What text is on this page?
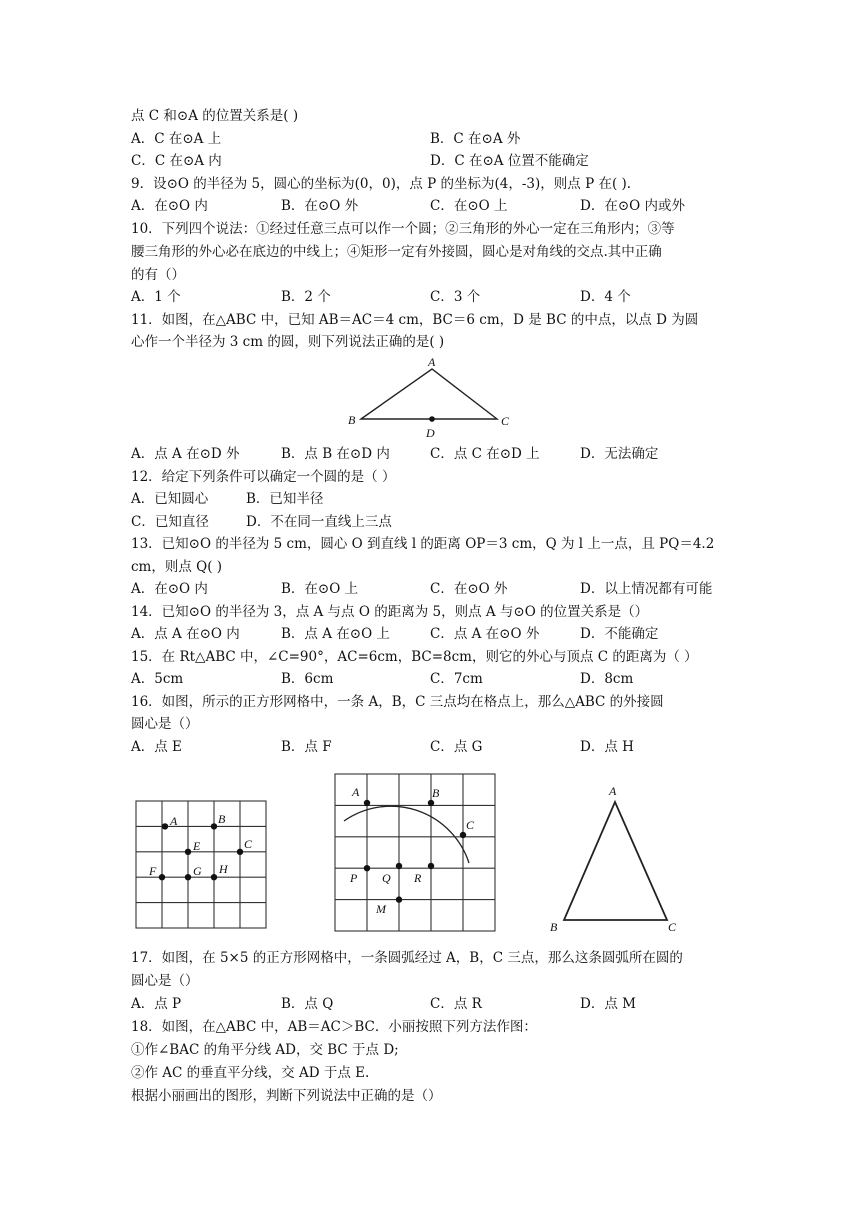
点 C 和⊙A 的位置关系是( )
A．C 在⊙A 上	B．C 在⊙A 外
C．C 在⊙A 内	D．C 在⊙A 位置不能确定
9．设⊙O 的半径为 5，圆心的坐标为(0，0)，点 P 的坐标为(4，-3)，则点 P 在( ).
A．在⊙O 内	B．在⊙O 外	C．在⊙O 上	D．在⊙O 内或外
10．下列四个说法：①经过任意三点可以作一个圆；②三角形的外心一定在三角形内；③等
腰三角形的外心必在底边的中线上；④矩形一定有外接圆，圆心是对角线的交点.其中正确
的有（）
A．1 个	B．2 个	C．3 个	D．4 个
11．如图，在△ABC 中，已知 AB＝AC＝4 cm，BC＝6 cm，D 是 BC 的中点，以点 D 为圆
心作一个半径为 3 cm 的圆，则下列说法正确的是( )
A
B	C
D
A．点 A 在⊙D 外	B．点 B 在⊙D 内	C．点 C 在⊙D 上	D．无法确定
12．给定下列条件可以确定一个圆的是（ ）
A．已知圆心	B．已知半径
C．已知直径	D．不在同一直线上三点
13．已知⊙O 的半径为 5 cm，圆心 O 到直线 l 的距离 OP＝3 cm，Q 为 l 上一点，且 PQ＝4.2
cm，则点 Q( )
A．在⊙O 内	B．在⊙O 上	C．在⊙O 外	D．以上情况都有可能
14．已知⊙O 的半径为 3，点 A 与点 O 的距离为 5，则点 A 与⊙O 的位置关系是（）
A．点 A 在⊙O 内	B．点 A 在⊙O 上	C．点 A 在⊙O 外	D．不能确定
15．在 Rt△ABC 中，∠C=90°，AC=6cm，BC=8cm，则它的外心与顶点 C 的距离为（ ）
A．5cm	B．6cm	C．7cm	D．8cm
16．如图，所示的正方形网格中，一条 A，B，C 三点均在格点上，那么△ABC 的外接圆
圆心是（）
A．点 E	B．点 F	C．点 G	D．点 H
A	B
C
E
F	G H
A	B
C
P Q R
M
A
B	C
17．如图，在 5×5 的正方形网格中，一条圆弧经过 A，B，C 三点，那么这条圆弧所在圆的
圆心是（）
A．点 P	B．点 Q	C．点 R	D．点 M
18．如图，在△ABC 中，AB＝AC＞BC．小丽按照下列方法作图：
①作∠BAC 的角平分线 AD，交 BC 于点 D;
②作 AC 的垂直平分线，交 AD 于点 E.
根据小丽画出的图形，判断下列说法中正确的是（）
